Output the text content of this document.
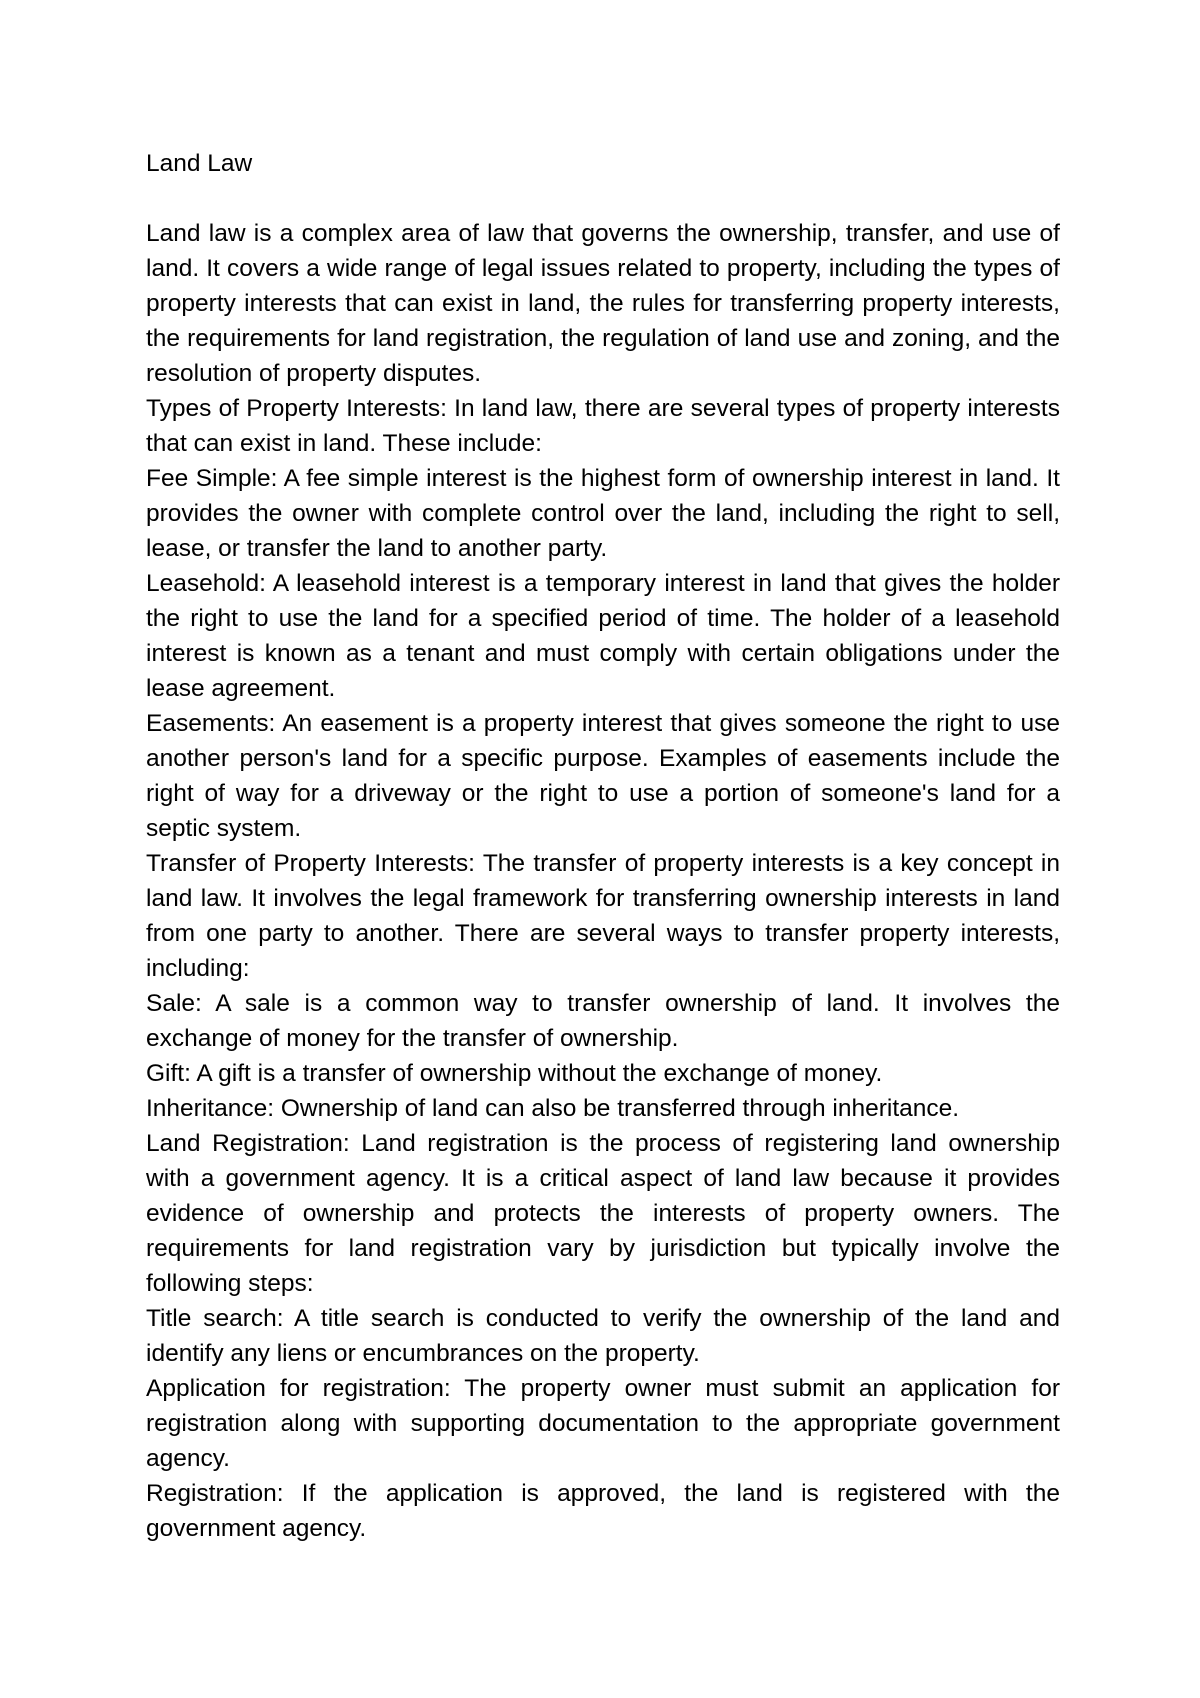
Land Law

Land law is a complex area of law that governs the ownership, transfer, and use of land. It covers a wide range of legal issues related to property, including the types of property interests that can exist in land, the rules for transferring property interests, the requirements for land registration, the regulation of land use and zoning, and the resolution of property disputes.

Types of Property Interests: In land law, there are several types of property interests that can exist in land. These include:

Fee Simple: A fee simple interest is the highest form of ownership interest in land. It provides the owner with complete control over the land, including the right to sell, lease, or transfer the land to another party.

Leasehold: A leasehold interest is a temporary interest in land that gives the holder the right to use the land for a specified period of time. The holder of a leasehold interest is known as a tenant and must comply with certain obligations under the lease agreement.

Easements: An easement is a property interest that gives someone the right to use another person's land for a specific purpose. Examples of easements include the right of way for a driveway or the right to use a portion of someone's land for a septic system.

Transfer of Property Interests: The transfer of property interests is a key concept in land law. It involves the legal framework for transferring ownership interests in land from one party to another. There are several ways to transfer property interests, including:

Sale: A sale is a common way to transfer ownership of land. It involves the exchange of money for the transfer of ownership.

Gift: A gift is a transfer of ownership without the exchange of money.

Inheritance: Ownership of land can also be transferred through inheritance.

Land Registration: Land registration is the process of registering land ownership with a government agency. It is a critical aspect of land law because it provides evidence of ownership and protects the interests of property owners. The requirements for land registration vary by jurisdiction but typically involve the following steps:

Title search: A title search is conducted to verify the ownership of the land and identify any liens or encumbrances on the property.

Application for registration: The property owner must submit an application for registration along with supporting documentation to the appropriate government agency.

Registration: If the application is approved, the land is registered with the government agency.
